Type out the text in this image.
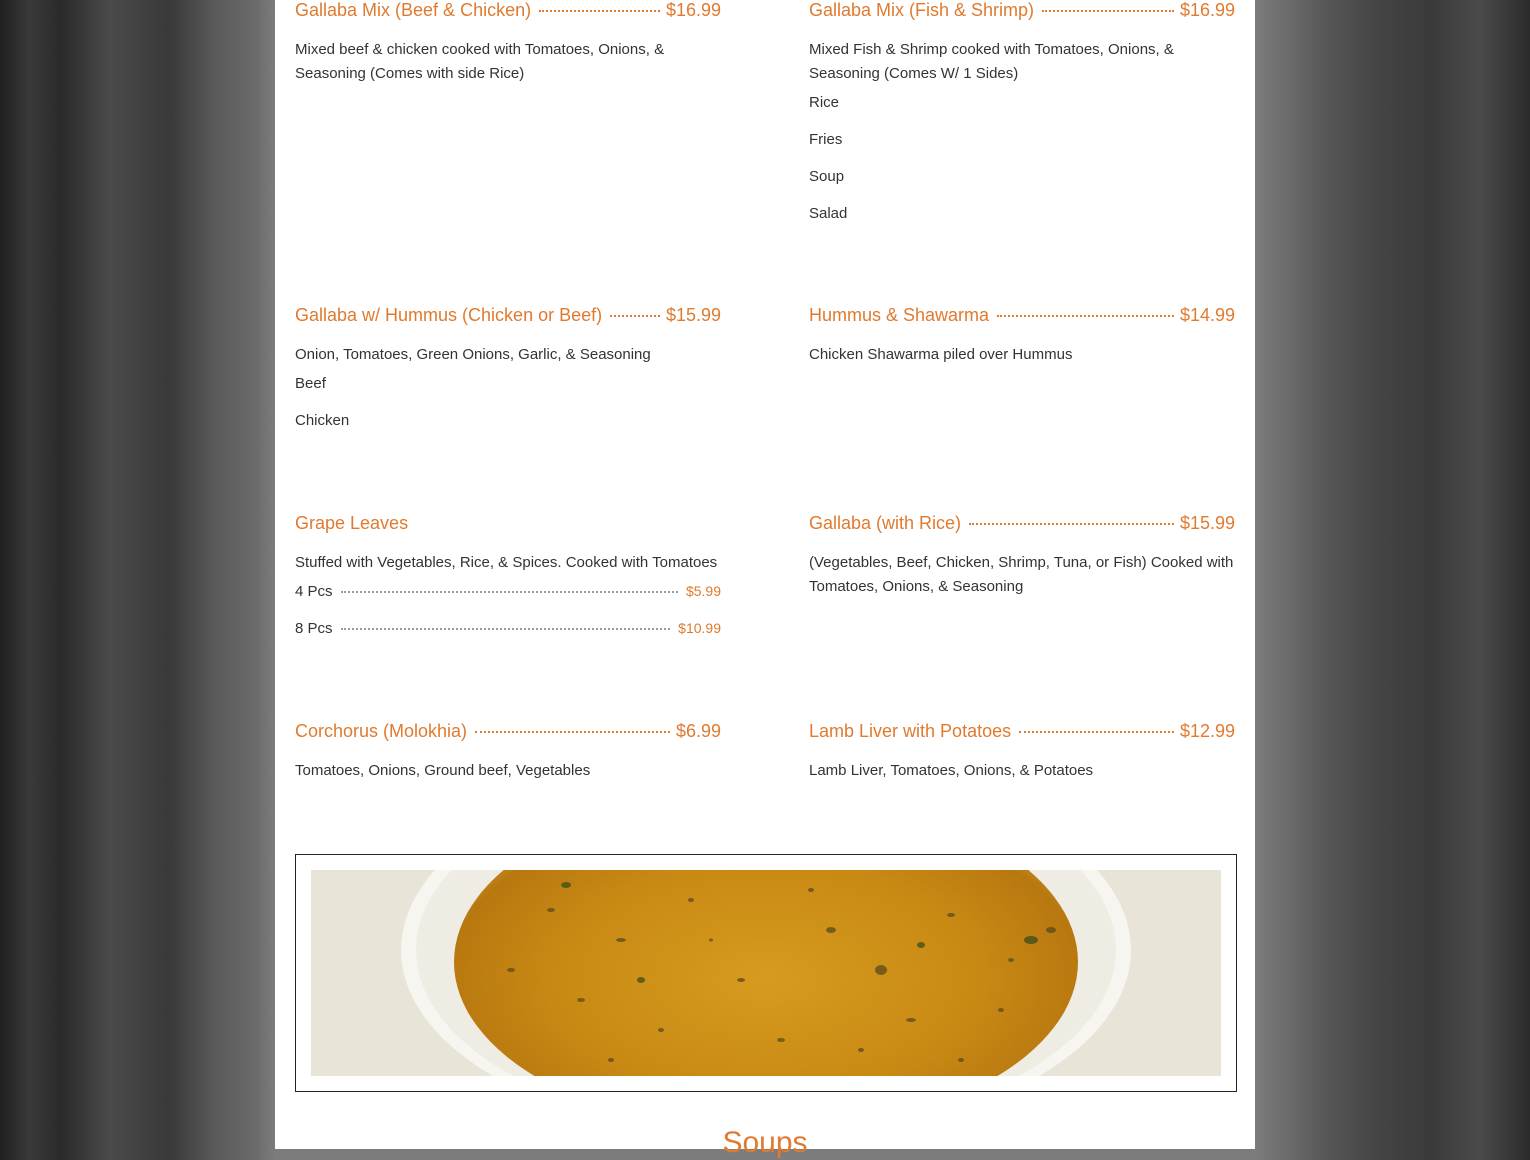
Gallaba Mix (Beef & Chicken)	$16.99
Mixed beef & chicken cooked with Tomatoes, Onions, & Seasoning (Comes with side Rice)
Gallaba Mix (Fish & Shrimp)	$16.99
Mixed Fish & Shrimp cooked with Tomatoes, Onions, & Seasoning (Comes W/ 1 Sides)
Rice
Fries
Soup
Salad
Gallaba w/ Hummus (Chicken or Beef)	$15.99
Onion, Tomatoes, Green Onions, Garlic, & Seasoning
Beef
Chicken
Hummus & Shawarma	$14.99
Chicken Shawarma piled over Hummus
Grape Leaves
Stuffed with Vegetables, Rice, & Spices. Cooked with Tomatoes
4 Pcs	$5.99
8 Pcs	$10.99
Gallaba (with Rice)	$15.99
(Vegetables, Beef, Chicken, Shrimp, Tuna, or Fish) Cooked with Tomatoes, Onions, & Seasoning
Corchorus (Molokhia)	$6.99
Tomatoes, Onions, Ground beef, Vegetables
Lamb Liver with Potatoes	$12.99
Lamb Liver, Tomatoes, Onions, & Potatoes
Soups
